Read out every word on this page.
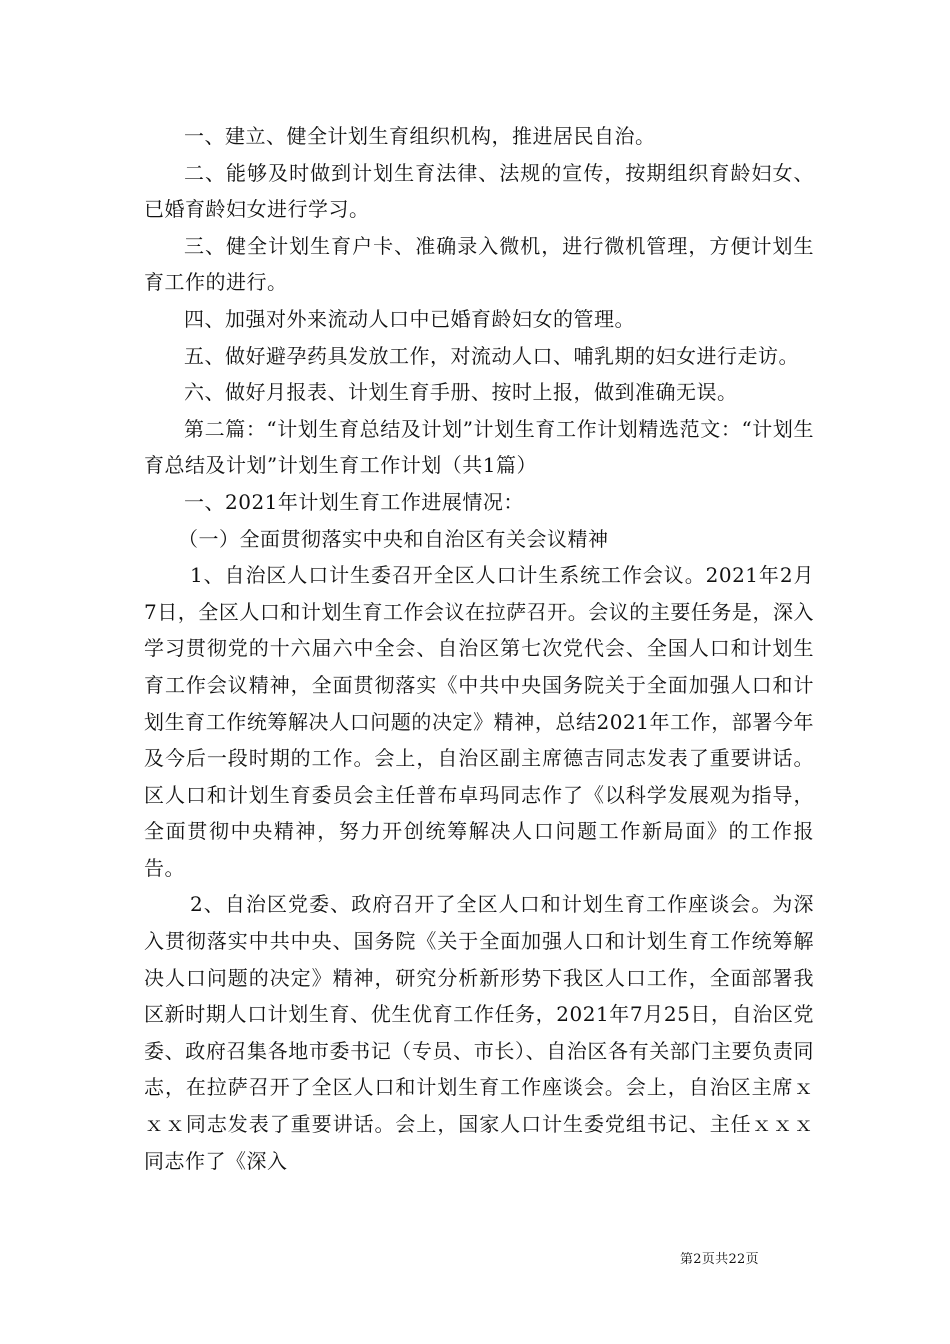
一、建立、健全计划生育组织机构，推进居民自治。

二、能够及时做到计划生育法律、法规的宣传，按期组织育龄妇女、已婚育龄妇女进行学习。

三、健全计划生育户卡、准确录入微机，进行微机管理，方便计划生育工作的进行。

四、加强对外来流动人口中已婚育龄妇女的管理。

五、做好避孕药具发放工作，对流动人口、哺乳期的妇女进行走访。

六、做好月报表、计划生育手册、按时上报，做到准确无误。

第二篇：“计划生育总结及计划”计划生育工作计划精选范文：“计划生育总结及计划”计划生育工作计划（共1篇）

一、2021年计划生育工作进展情况：

（一）全面贯彻落实中央和自治区有关会议精神

1、自治区人口计生委召开全区人口计生系统工作会议。2021年2月7日，全区人口和计划生育工作会议在拉萨召开。会议的主要任务是，深入学习贯彻党的十六届六中全会、自治区第七次党代会、全国人口和计划生育工作会议精神，全面贯彻落实《中共中央国务院关于全面加强人口和计划生育工作统筹解决人口问题的决定》精神，总结2021年工作，部署今年及今后一段时期的工作。会上，自治区副主席德吉同志发表了重要讲话。区人口和计划生育委员会主任普布卓玛同志作了《以科学发展观为指导，全面贯彻中央精神，努力开创统筹解决人口问题工作新局面》的工作报告。

2、自治区党委、政府召开了全区人口和计划生育工作座谈会。为深入贯彻落实中共中央、国务院《关于全面加强人口和计划生育工作统筹解决人口问题的决定》精神，研究分析新形势下我区人口工作，全面部署我区新时期人口计划生育、优生优育工作任务，2021年7月25日，自治区党委、政府召集各地市委书记（专员、市长）、自治区各有关部门主要负责同志，在拉萨召开了全区人口和计划生育工作座谈会。会上，自治区主席ｘｘｘ同志发表了重要讲话。会上，国家人口计生委党组书记、主任ｘｘｘ同志作了《深入

第2页共22页
